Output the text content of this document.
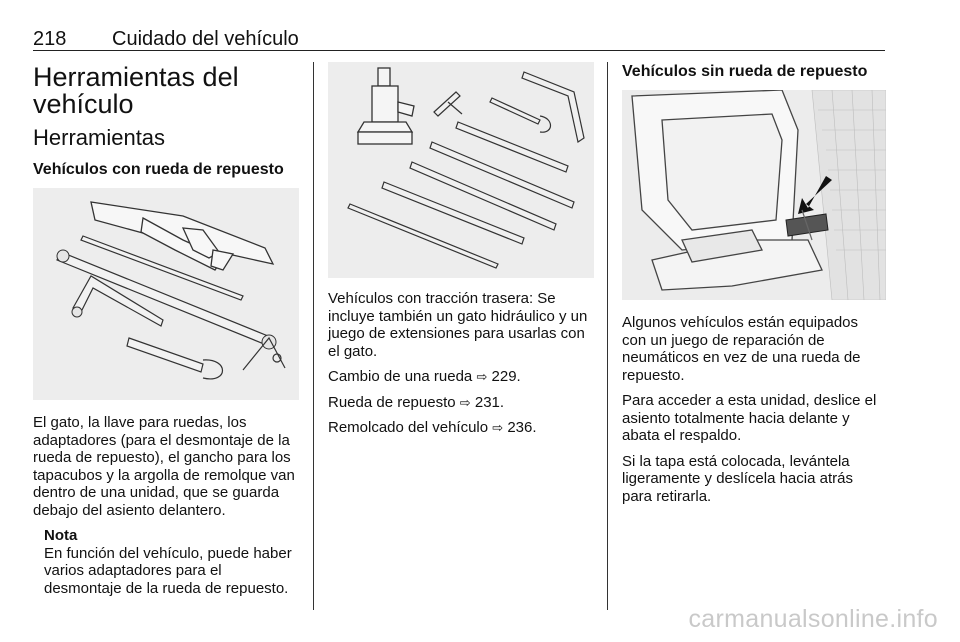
218 Cuidado del vehículo
Herramientas del vehículo
Herramientas
Vehículos con rueda de repuesto

El gato, la llave para ruedas, los adaptadores (para el desmontaje de la rueda de repuesto), el gancho para los tapacubos y la argolla de remolque van dentro de una unidad, que se guarda debajo del asiento delantero.

Nota

En función del vehículo, puede haber varios adaptadores para el desmontaje de la rueda de repuesto.

Vehículos con tracción trasera: Se incluye también un gato hidráulico y un juego de extensiones para usarlas con el gato.

Cambio de una rueda ⇨ 229.

Rueda de repuesto ⇨ 231.

Remolcado del vehículo ⇨ 236.

Vehículos sin rueda de repuesto

Algunos vehículos están equipados con un juego de reparación de neumáticos en vez de una rueda de repuesto.

Para acceder a esta unidad, deslice el asiento totalmente hacia delante y abata el respaldo.

Si la tapa está colocada, levántela ligeramente y deslícela hacia atrás para retirarla.

carmanualsonline.info
